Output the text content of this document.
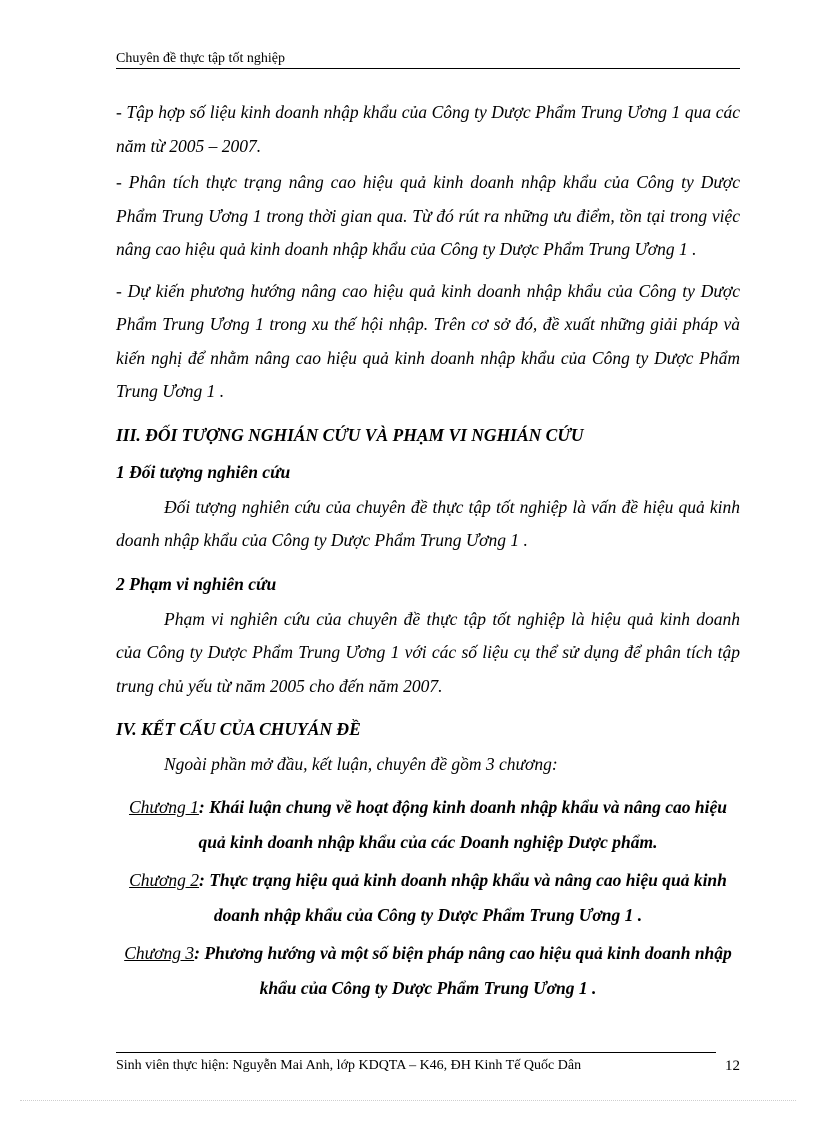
Chuyên đề thực tập tốt nghiệp

- Tập hợp số liệu kinh doanh nhập khẩu của Công ty Dược Phẩm Trung Ương 1 qua các năm từ 2005 – 2007.

- Phân tích thực trạng nâng cao hiệu quả kinh doanh nhập khẩu của Công ty Dược Phẩm Trung Ương 1 trong thời gian qua. Từ đó rút ra những ưu điểm, tồn tại trong việc nâng cao hiệu quả kinh doanh nhập khẩu của Công ty Dược Phẩm Trung Ương 1 .

- Dự kiến phương hướng nâng cao hiệu quả kinh doanh nhập khẩu của Công ty Dược Phẩm Trung Ương 1 trong xu thế hội nhập. Trên cơ sở đó, đề xuất những giải pháp và kiến nghị để nhằm nâng cao hiệu quả kinh doanh nhập khẩu của Công ty Dược Phẩm Trung Ương 1 .

III. ĐỐI TƯỢNG NGHIÁN CỨU VÀ PHẠM VI NGHIÁN CỨU
1 Đối tượng nghiên cứu

Đối tượng nghiên cứu của chuyên đề thực tập tốt nghiệp là vấn đề hiệu quả kinh doanh nhập khẩu của Công ty Dược Phẩm Trung Ương 1 .

2 Phạm vi nghiên cứu

Phạm vi nghiên cứu của chuyên đề thực tập tốt nghiệp là hiệu quả kinh doanh của Công ty Dược Phẩm Trung Ương 1 với các số liệu cụ thể sử dụng để phân tích tập trung chủ yếu từ năm 2005 cho đến năm 2007.

IV. KẾT CẤU CỦA CHUYÁN ĐỀ

Ngoài phần mở đầu, kết luận, chuyên đề gồm 3 chương:

Chương 1: Khái luận chung về hoạt động kinh doanh nhập khẩu và nâng cao hiệu quả kinh doanh nhập khẩu của các Doanh nghiệp Dược phẩm.
Chương 2: Thực trạng hiệu quả kinh doanh nhập khẩu và nâng cao hiệu quả kinh doanh nhập khẩu của Công ty Dược Phẩm Trung Ương 1 .
Chương 3: Phương hướng và một số biện pháp nâng cao hiệu quả kinh doanh nhập khẩu của Công ty Dược Phẩm Trung Ương 1 .
Sinh viên thực hiện: Nguyễn Mai Anh, lớp KDQTA – K46, ĐH Kinh Tế Quốc Dân	12
